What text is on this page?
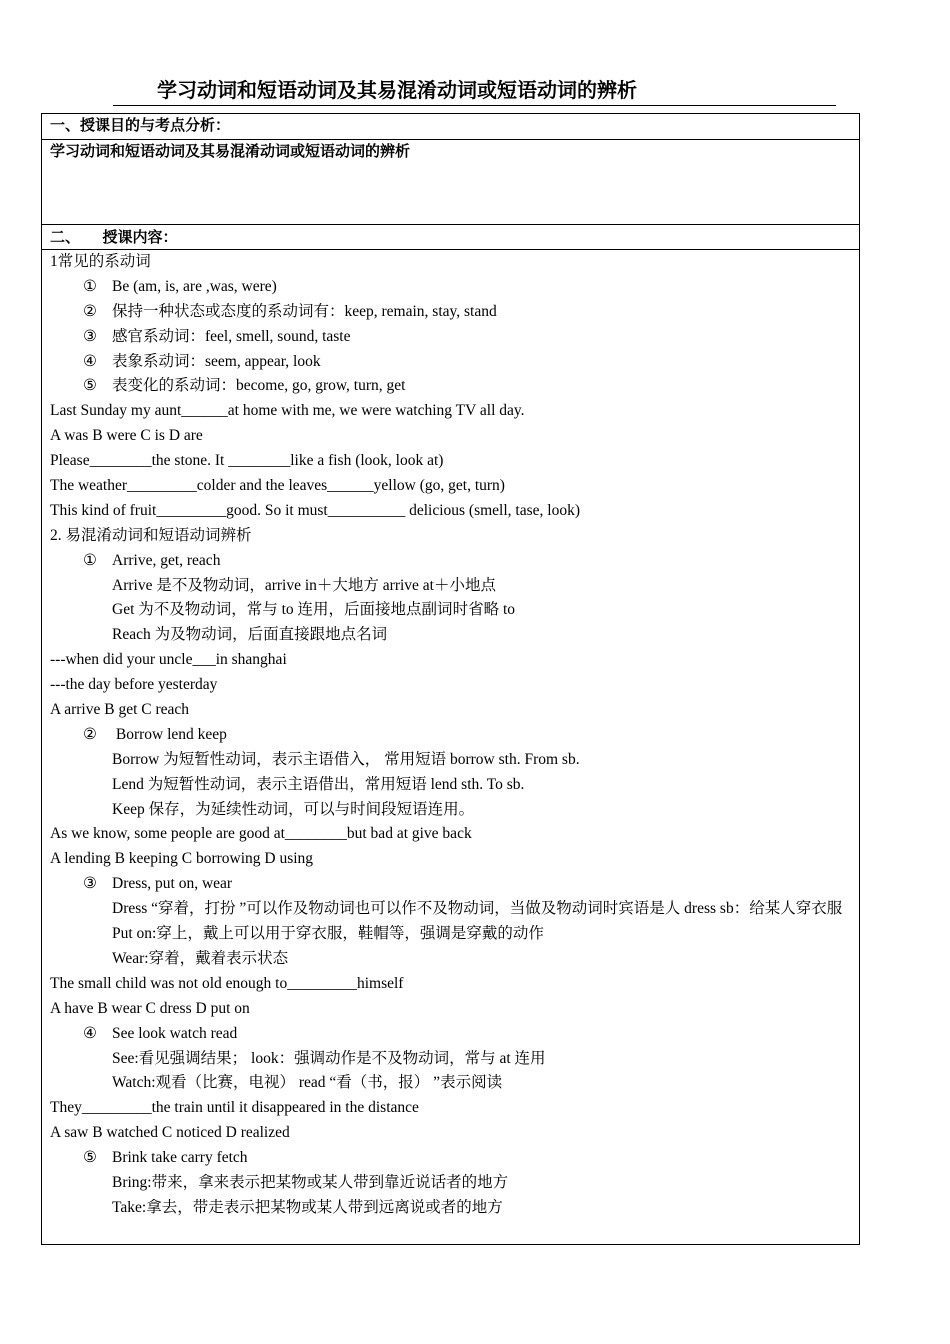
学习动词和短语动词及其易混淆动词或短语动词的辨析
一、授课目的与考点分析：
学习动词和短语动词及其易混淆动词或短语动词的辨析
二、　　授课内容：
1常见的系动词
① Be (am, is, are ,was, were)
② 保持一种状态或态度的系动词有：keep, remain, stay, stand
③ 感官系动词：feel, smell, sound, taste
④ 表象系动词：seem, appear, look
⑤ 表变化的系动词：become, go, grow, turn, get
Last Sunday my aunt______at home with me, we were watching TV all day.
A was B were C is D are
Please________the stone. It ________like a fish (look, look at)
The weather_________colder and the leaves______yellow (go, get, turn)
This kind of fruit_________good. So it must__________ delicious (smell, tase, look)
2. 易混淆动词和短语动词辨析
① Arrive, get, reach
Arrive 是不及物动词，arrive in＋大地方 arrive at＋小地点
Get 为不及物动词，常与 to 连用，后面接地点副词时省略 to
Reach 为及物动词，后面直接跟地点名词
---when did your uncle___in shanghai
---the day before yesterday
A arrive B get C reach
② Borrow lend keep
Borrow 为短暂性动词，表示主语借入， 常用短语 borrow sth. From sb.
Lend 为短暂性动词，表示主语借出，常用短语 lend sth. To sb.
Keep 保存，为延续性动词，可以与时间段短语连用。
As we know, some people are good at________but bad at give back
A lending B keeping C borrowing D using
③ Dress, put on, wear
Dress “穿着，打扮 ”可以作及物动词也可以作不及物动词，当做及物动词时宾语是人 dress sb：给某人穿衣服
Put on:穿上，戴上可以用于穿衣服，鞋帽等，强调是穿戴的动作
Wear:穿着，戴着表示状态
The small child was not old enough to_________himself
A have B wear C dress D put on
④ See look watch read
See:看见强调结果； look：强调动作是不及物动词，常与 at 连用
Watch:观看（比赛，电视） read “看（书，报） ”表示阅读
They_________the train until it disappeared in the distance
A saw B watched C noticed D realized
⑤ Brink take carry fetch
Bring:带来，拿来表示把某物或某人带到靠近说话者的地方
Take:拿去，带走表示把某物或某人带到远离说或者的地方
